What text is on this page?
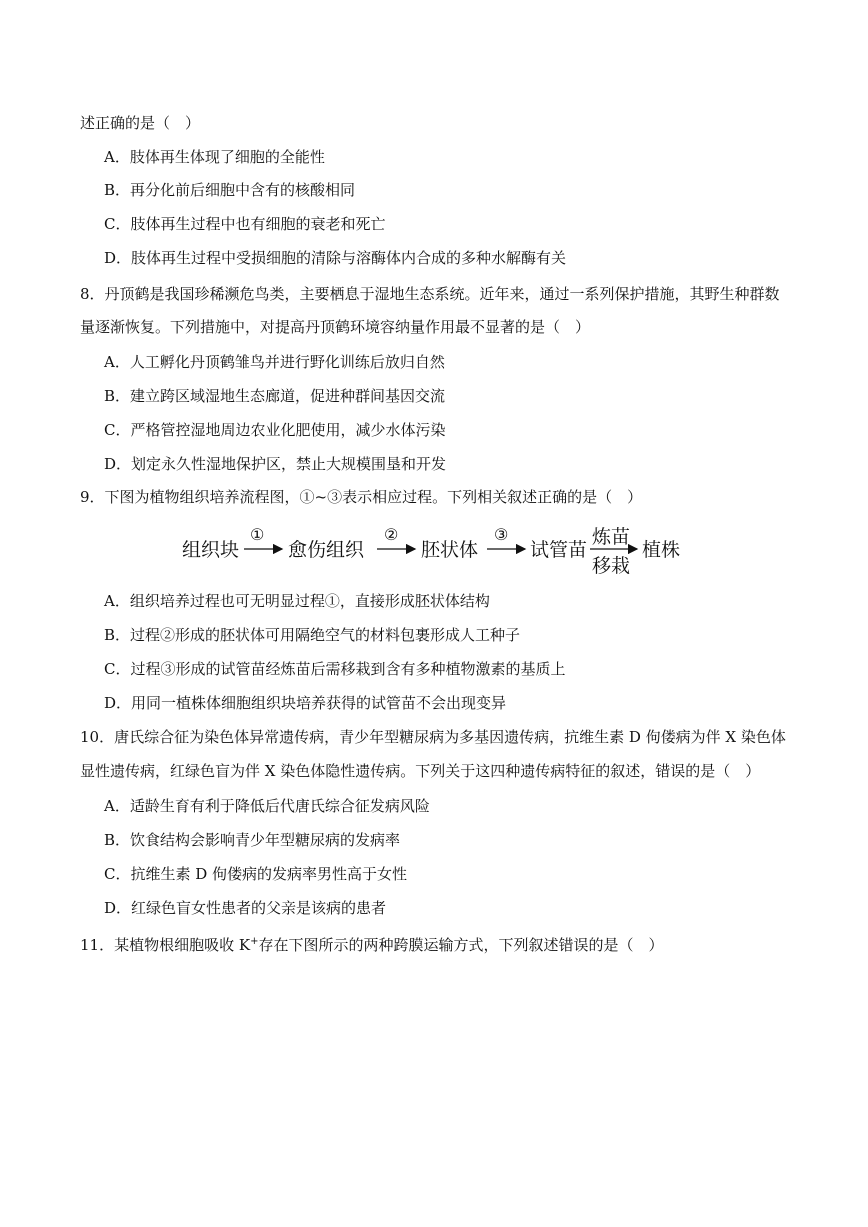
述正确的是（　）
A．肢体再生体现了细胞的全能性
B．再分化前后细胞中含有的核酸相同
C．肢体再生过程中也有细胞的衰老和死亡
D．肢体再生过程中受损细胞的清除与溶酶体内合成的多种水解酶有关
8．丹顶鹤是我国珍稀濒危鸟类，主要栖息于湿地生态系统。近年来，通过一系列保护措施，其野生种群数
量逐渐恢复。下列措施中，对提高丹顶鹤环境容纳量作用最不显著的是（　）
A．人工孵化丹顶鹤雏鸟并进行野化训练后放归自然
B．建立跨区域湿地生态廊道，促进种群间基因交流
C．严格管控湿地周边农业化肥使用，减少水体污染
D．划定永久性湿地保护区，禁止大规模围垦和开发
9．下图为植物组织培养流程图，①~③表示相应过程。下列相关叙述正确的是（　）
组织块
①
愈伤组织
②
胚状体
③
试管苗
炼苗
移栽
植株
A．组织培养过程也可无明显过程①，直接形成胚状体结构
B．过程②形成的胚状体可用隔绝空气的材料包裹形成人工种子
C．过程③形成的试管苗经炼苗后需移栽到含有多种植物激素的基质上
D．用同一植株体细胞组织块培养获得的试管苗不会出现变异
10．唐氏综合征为染色体异常遗传病，青少年型糖尿病为多基因遗传病，抗维生素 D 佝偻病为伴 X 染色体
显性遗传病，红绿色盲为伴 X 染色体隐性遗传病。下列关于这四种遗传病特征的叙述，错误的是（　）
A．适龄生育有利于降低后代唐氏综合征发病风险
B．饮食结构会影响青少年型糖尿病的发病率
C．抗维生素 D 佝偻病的发病率男性高于女性
D．红绿色盲女性患者的父亲是该病的患者
11．某植物根细胞吸收 K+存在下图所示的两种跨膜运输方式，下列叙述错误的是（　）
